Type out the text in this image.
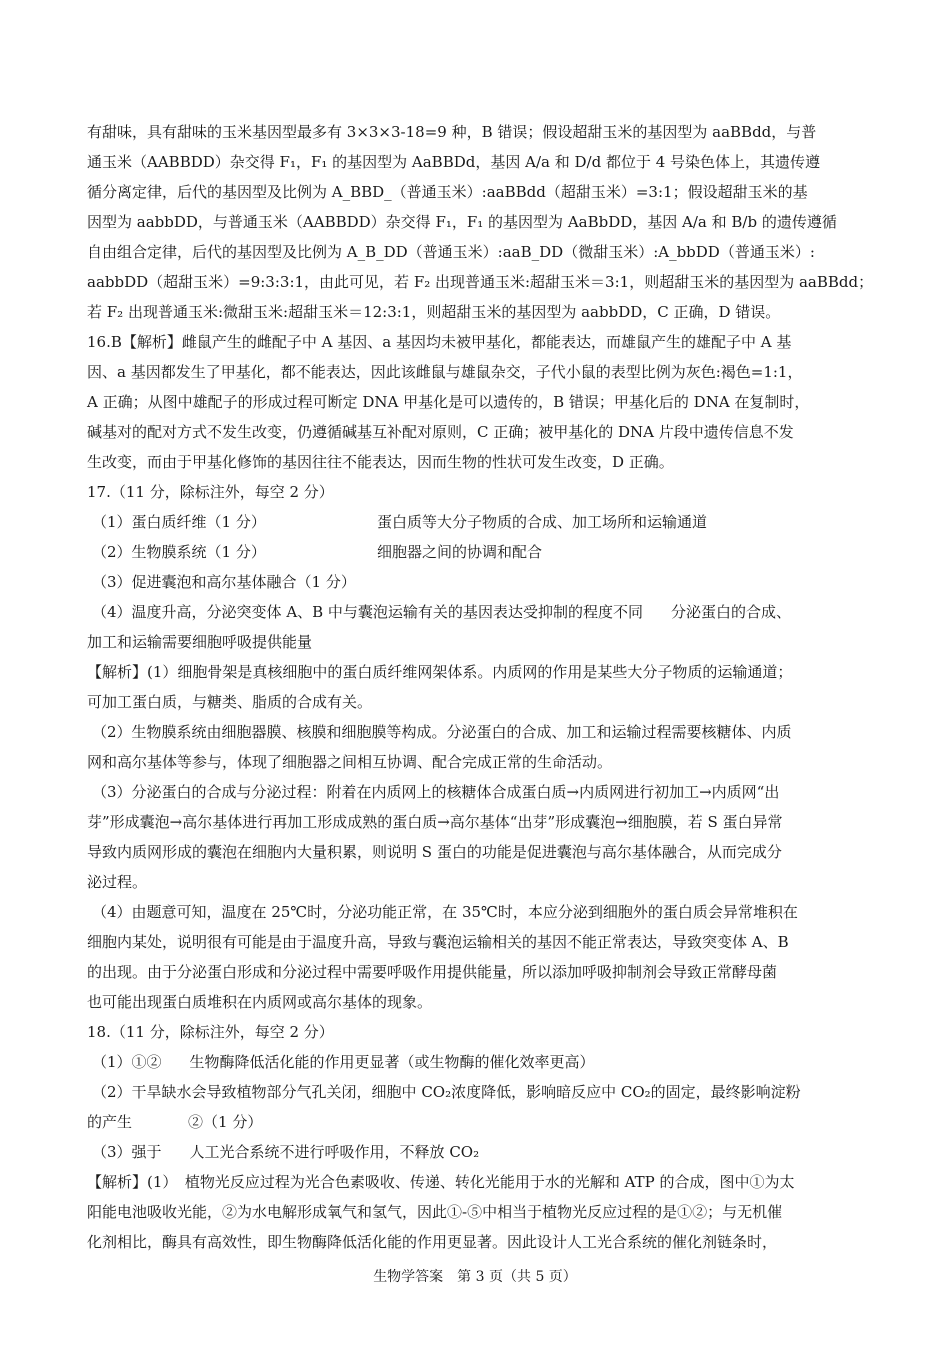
有甜味，具有甜味的玉米基因型最多有 3×3×3-18=9 种，B 错误；假设超甜玉米的基因型为 aaBBdd，与普
通玉米（AABBDD）杂交得 F₁，F₁ 的基因型为 AaBBDd，基因 A/a 和 D/d 都位于 4 号染色体上，其遗传遵
循分离定律，后代的基因型及比例为 A_BBD_（普通玉米）:aaBBdd（超甜玉米）=3:1；假设超甜玉米的基
因型为 aabbDD，与普通玉米（AABBDD）杂交得 F₁，F₁ 的基因型为 AaBbDD，基因 A/a 和 B/b 的遗传遵循
自由组合定律，后代的基因型及比例为 A_B_DD（普通玉米）:aaB_DD（微甜玉米）:A_bbDD（普通玉米）:
aabbDD（超甜玉米）=9:3:3:1，由此可见，若 F₂ 出现普通玉米:超甜玉米＝3:1，则超甜玉米的基因型为 aaBBdd；
若 F₂ 出现普通玉米:微甜玉米:超甜玉米＝12:3:1，则超甜玉米的基因型为 aabbDD，C 正确，D 错误。
16.B【解析】雌鼠产生的雌配子中 A 基因、a 基因均未被甲基化，都能表达，而雄鼠产生的雄配子中 A 基
因、a 基因都发生了甲基化，都不能表达，因此该雌鼠与雄鼠杂交，子代小鼠的表型比例为灰色:褐色=1:1，
A 正确；从图中雄配子的形成过程可断定 DNA 甲基化是可以遗传的，B 错误；甲基化后的 DNA 在复制时，
碱基对的配对方式不发生改变，仍遵循碱基互补配对原则，C 正确；被甲基化的 DNA 片段中遗传信息不发
生改变，而由于甲基化修饰的基因往往不能表达，因而生物的性状可发生改变，D 正确。
17.（11 分，除标注外，每空 2 分）
（1）蛋白质纤维（1 分）	蛋白质等大分子物质的合成、加工场所和运输通道
（2）生物膜系统（1 分）	细胞器之间的协调和配合
（3）促进囊泡和高尔基体融合（1 分）
（4）温度升高，分泌突变体 A、B 中与囊泡运输有关的基因表达受抑制的程度不同 分泌蛋白的合成、
加工和运输需要细胞呼吸提供能量
【解析】(1）细胞骨架是真核细胞中的蛋白质纤维网架体系。内质网的作用是某些大分子物质的运输通道；
可加工蛋白质，与糖类、脂质的合成有关。
（2）生物膜系统由细胞器膜、核膜和细胞膜等构成。分泌蛋白的合成、加工和运输过程需要核糖体、内质
网和高尔基体等参与，体现了细胞器之间相互协调、配合完成正常的生命活动。
（3）分泌蛋白的合成与分泌过程：附着在内质网上的核糖体合成蛋白质→内质网进行初加工→内质网“出
芽”形成囊泡→高尔基体进行再加工形成成熟的蛋白质→高尔基体“出芽”形成囊泡→细胞膜，若 S 蛋白异常
导致内质网形成的囊泡在细胞内大量积累，则说明 S 蛋白的功能是促进囊泡与高尔基体融合，从而完成分
泌过程。
（4）由题意可知，温度在 25℃时，分泌功能正常，在 35℃时，本应分泌到细胞外的蛋白质会异常堆积在
细胞内某处，说明很有可能是由于温度升高，导致与囊泡运输相关的基因不能正常表达，导致突变体 A、B
的出现。由于分泌蛋白形成和分泌过程中需要呼吸作用提供能量，所以添加呼吸抑制剂会导致正常酵母菌
也可能出现蛋白质堆积在内质网或高尔基体的现象。
18.（11 分，除标注外，每空 2 分）
（1）①② 生物酶降低活化能的作用更显著（或生物酶的催化效率更高）
（2）干旱缺水会导致植物部分气孔关闭，细胞中 CO₂浓度降低，影响暗反应中 CO₂的固定，最终影响淀粉
的产生	②（1 分）
（3）强于 人工光合系统不进行呼吸作用，不释放 CO₂
【解析】(1）　植物光反应过程为光合色素吸收、传递、转化光能用于水的光解和 ATP 的合成，图中①为太
阳能电池吸收光能，②为水电解形成氧气和氢气，因此①-⑤中相当于植物光反应过程的是①②；与无机催
化剂相比，酶具有高效性，即生物酶降低活化能的作用更显著。因此设计人工光合系统的催化剂链条时，
生物学答案　第 3 页（共 5 页）
